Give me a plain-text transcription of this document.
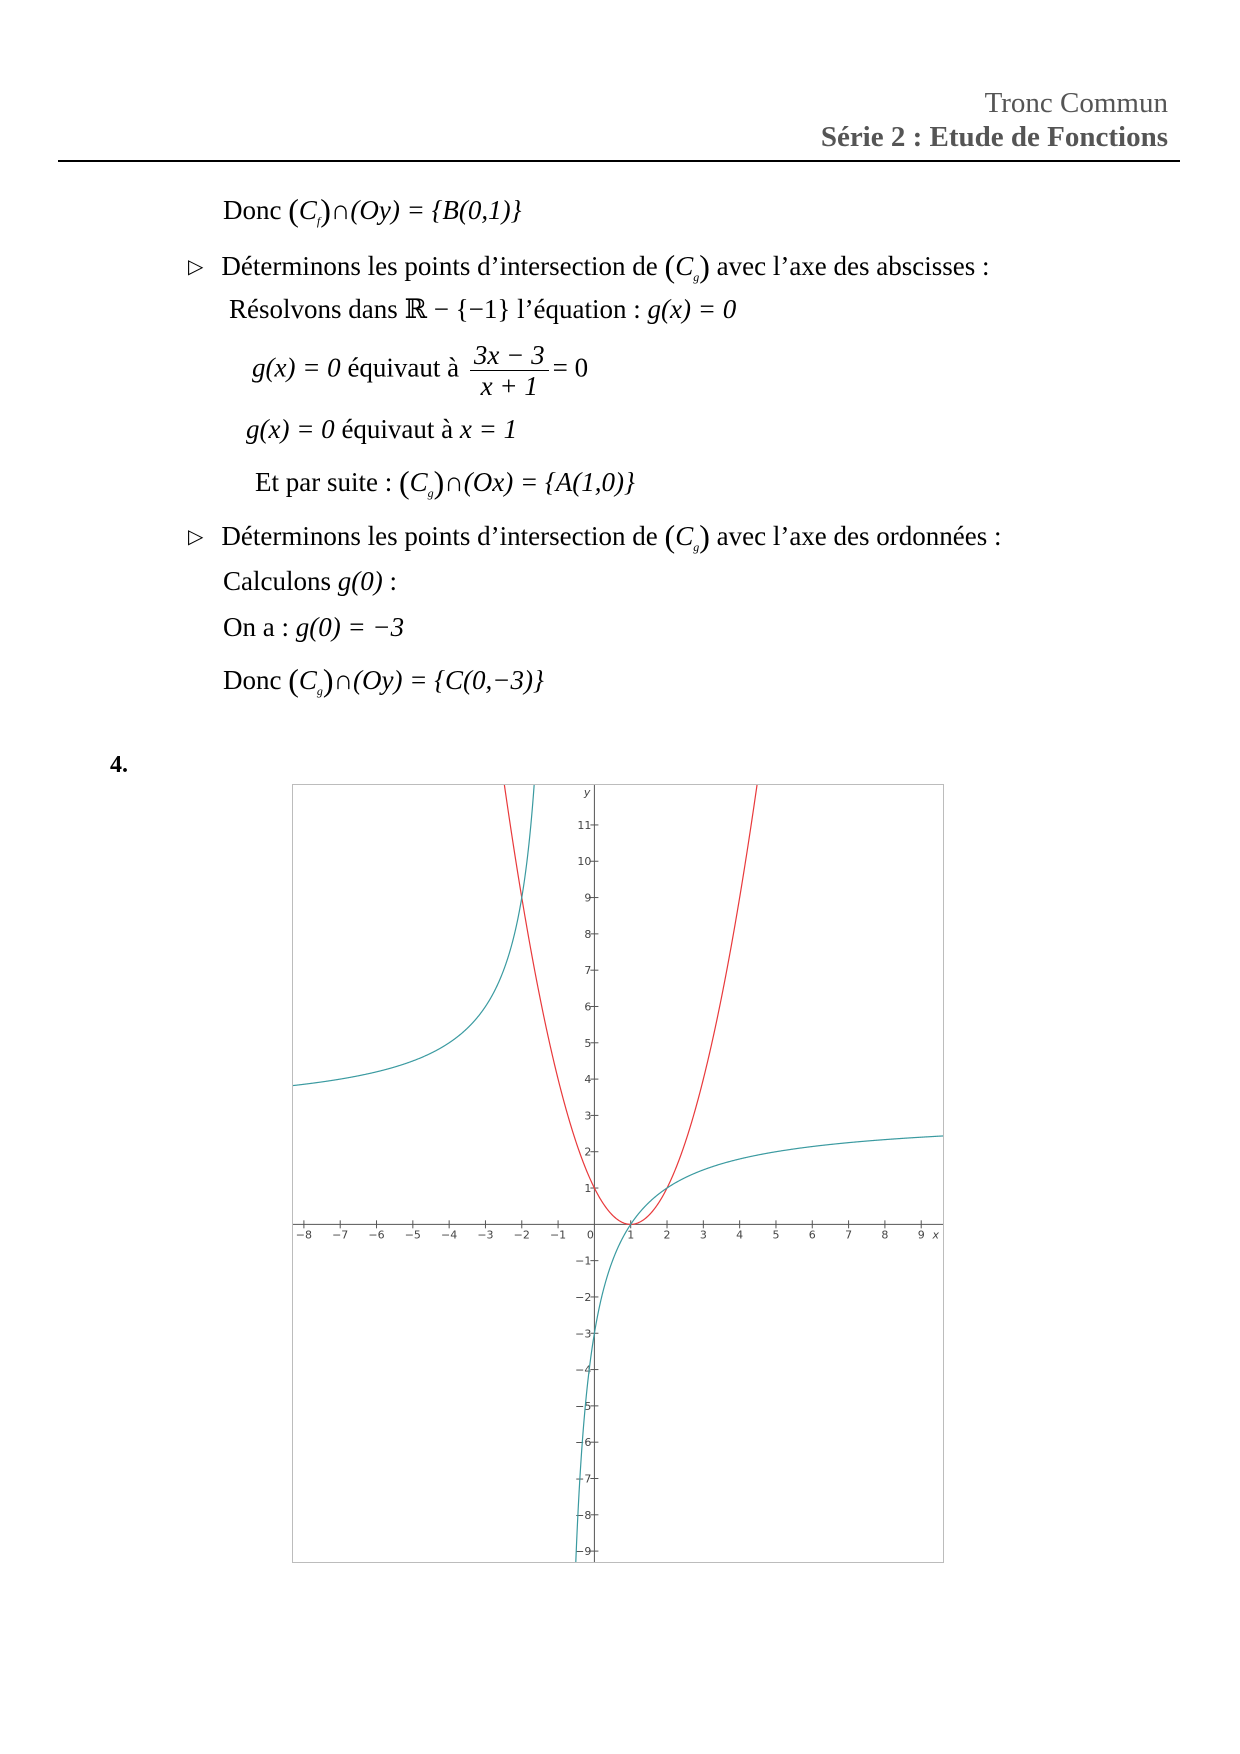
Tronc Commun
Série 2 : Etude de Fonctions
Donc $(C_f)\cap(Oy) = \{B(0,1)\}$
▷ Déterminons les points d’intersection de $(C_g)$ avec l’axe des abscisses :
Résolvons dans ℝ − {−1} l’équation : g(x) = 0
g(x) = 0 équivaut à $\frac{3x - 3}{x + 1} = 0$
g(x) = 0 équivaut à x = 1
Et par suite : $(C_g)\cap(Ox) = \{A(1,0)\}$
▷ Déterminons les points d’intersection de $(C_g)$ avec l’axe des ordonnées :
Calculons g(0) :
On a : g(0) = −3
Donc $(C_g)\cap(Oy) = \{C(0,-3)\}$
4.
−8 −7 −6 −5 −4 −3 −2 −1 0	1	2	3	4	5	6	7	8	9
−9
−8
−7
−6
−5
−4
−3
−2
−1
1
2
3
4
5
6
7
8
9
10
11
x
y
